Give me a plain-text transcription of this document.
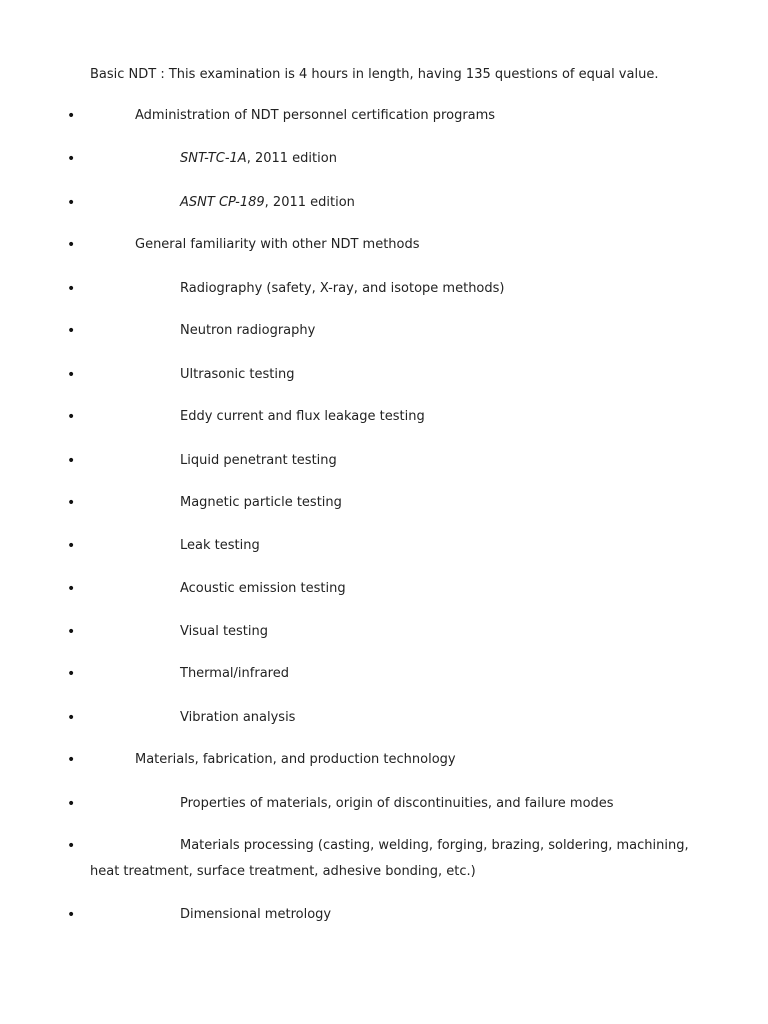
Basic NDT : This examination is 4 hours in length, having 135 questions of equal value.
•	Administration of NDT personnel certification programs
•	SNT-TC-1A, 2011 edition
•	ASNT CP-189, 2011 edition
•	General familiarity with other NDT methods
•	Radiography (safety, X-ray, and isotope methods)
•	Neutron radiography
•	Ultrasonic testing
•	Eddy current and flux leakage testing
•	Liquid penetrant testing
•	Magnetic particle testing
•	Leak testing
•	Acoustic emission testing
•	Visual testing
•	Thermal/infrared
•	Vibration analysis
•	Materials, fabrication, and production technology
•	Properties of materials, origin of discontinuities, and failure modes
•	Materials processing (casting, welding, forging, brazing, soldering, machining,
heat treatment, surface treatment, adhesive bonding, etc.)
•	Dimensional metrology
